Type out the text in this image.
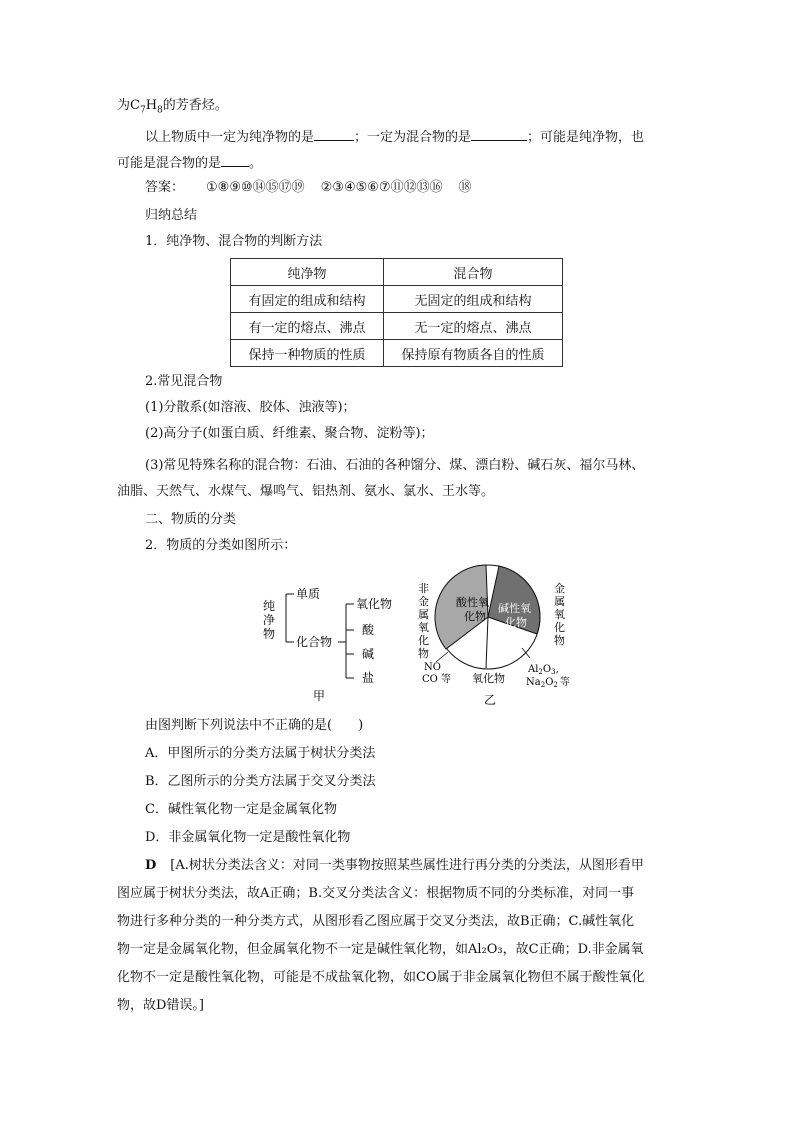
为$C_7H_8$的芳香烃。
以上物质中一定为纯净物的是	；一定为混合物的是	；可能是纯净物，也
可能是混合物的是 。
答案： ①⑧⑨⑩⑭⑮⑰⑲ ②③④⑤⑥⑦⑪⑫⑬⑯ ⑱
归纳总结
1．纯净物、混合物的判断方法
纯净物	混合物
有固定的组成和结构	无固定的组成和结构
有一定的熔点、沸点	无一定的熔点、沸点
保持一种物质的性质	保持原有物质各自的性质
2.常见混合物
(1)分散系(如溶液、胶体、浊液等)；
(2)高分子(如蛋白质、纤维素、聚合物、淀粉等)；
(3)常见特殊名称的混合物：石油、石油的各种馏分、煤、漂白粉、碱石灰、福尔马林、
油脂、天然气、水煤气、爆鸣气、铝热剂、氨水、氯水、王水等。
二、物质的分类
2．物质的分类如图所示：
纯
净
物
单质
化合物
氧化物
酸
碱
盐
甲
酸性氧
化物
碱性氧
化物
氧化物
非
金
属
氧
化
物
金
属
氧
化
物
NO
CO 等
$Al_2O_3$,
$Na_2O_2$ 等
乙
由图判断下列说法中不正确的是(　　)
A．甲图所示的分类方法属于树状分类法
B．乙图所示的分类方法属于交叉分类法
C．碱性氧化物一定是金属氧化物
D．非金属氧化物一定是酸性氧化物
D [A.树状分类法含义：对同一类事物按照某些属性进行再分类的分类法，从图形看甲
图应属于树状分类法，故A正确；B.交叉分类法含义：根据物质不同的分类标准，对同一事
物进行多种分类的一种分类方式，从图形看乙图应属于交叉分类法，故B正确；C.碱性氧化
物一定是金属氧化物，但金属氧化物不一定是碱性氧化物，如Al₂O₃，故C正确；D.非金属氧
化物不一定是酸性氧化物，可能是不成盐氧化物，如CO属于非金属氧化物但不属于酸性氧化
物，故D错误。]
